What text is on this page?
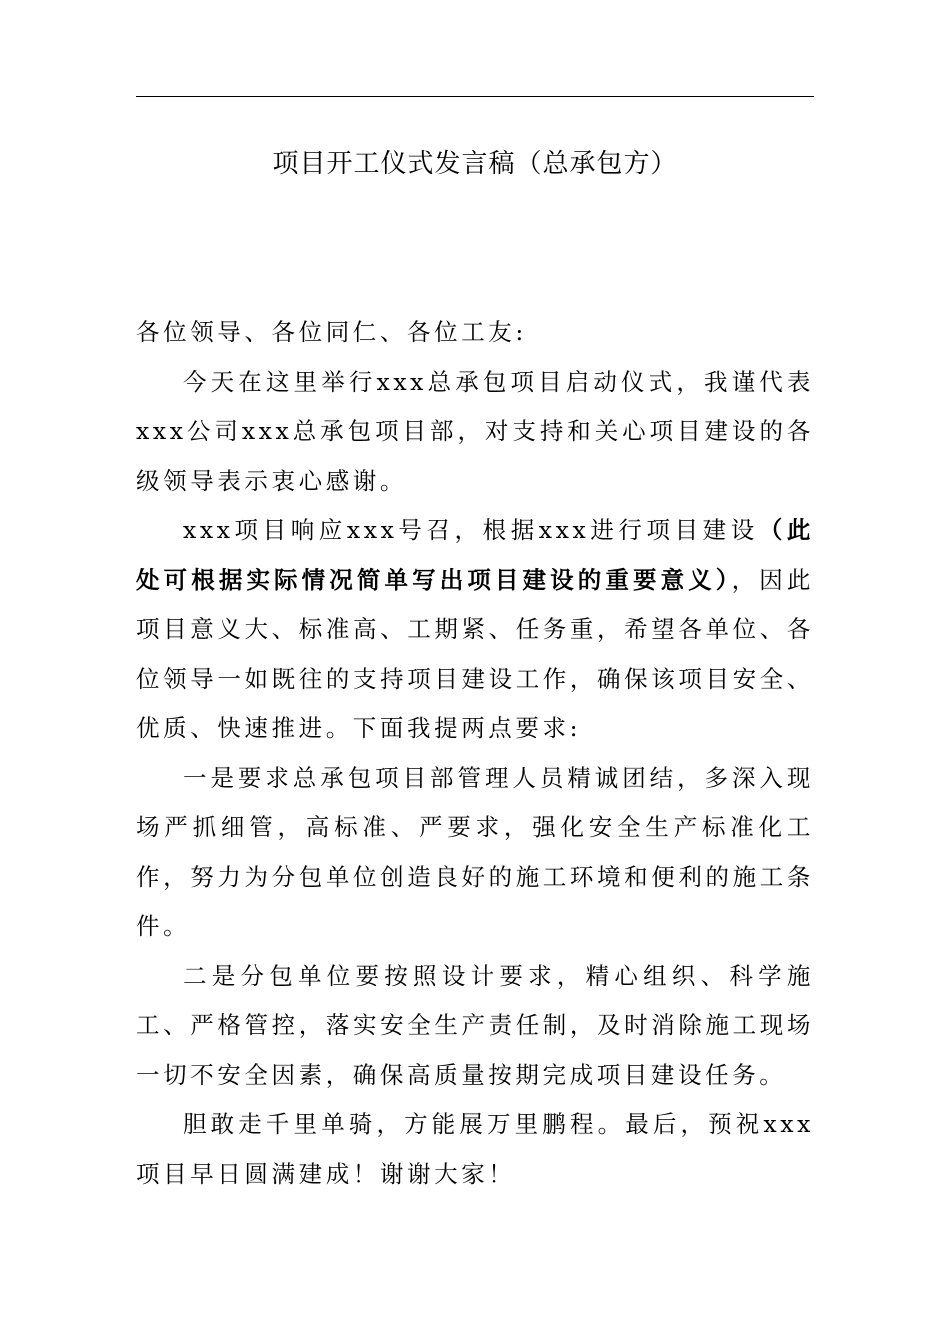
项目开工仪式发言稿（总承包方）

各位领导、各位同仁、各位工友:

今天在这里举行xxx总承包项目启动仪式，我谨代表xxx公司xxx总承包项目部，对支持和关心项目建设的各级领导表示衷心感谢。

xxx项目响应xxx号召，根据xxx进行项目建设（此处可根据实际情况简单写出项目建设的重要意义），因此项目意义大、标准高、工期紧、任务重，希望各单位、各位领导一如既往的支持项目建设工作，确保该项目安全、优质、快速推进。下面我提两点要求:

一是要求总承包项目部管理人员精诚团结，多深入现场严抓细管，高标准、严要求，强化安全生产标准化工作，努力为分包单位创造良好的施工环境和便利的施工条件。

二是分包单位要按照设计要求，精心组织、科学施工、严格管控，落实安全生产责任制，及时消除施工现场一切不安全因素，确保高质量按期完成项目建设任务。

胆敢走千里单骑，方能展万里鹏程。最后，预祝xxx项目早日圆满建成！谢谢大家！
